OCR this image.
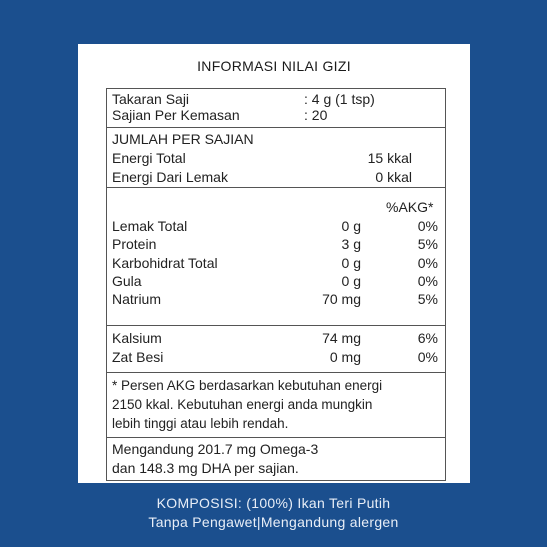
INFORMASI NILAI GIZI
Takaran Saji	: 4 g (1 tsp)
Sajian Per Kemasan	: 20
JUMLAH PER SAJIAN
Energi Total	15 kkal
Energi Dari Lemak	0 kkal
%AKG*
Lemak Total	0 g	0%
Protein	3 g	5%
Karbohidrat Total	0 g	0%
Gula	0 g	0%
Natrium	70 mg	5%
Kalsium	74 mg	6%
Zat Besi	0 mg	0%
* Persen AKG berdasarkan kebutuhan energi
2150 kkal. Kebutuhan energi anda mungkin
lebih tinggi atau lebih rendah.
Mengandung 201.7 mg Omega-3
dan 148.3 mg DHA per sajian.
KOMPOSISI: (100%) Ikan Teri Putih
Tanpa Pengawet|Mengandung alergen
